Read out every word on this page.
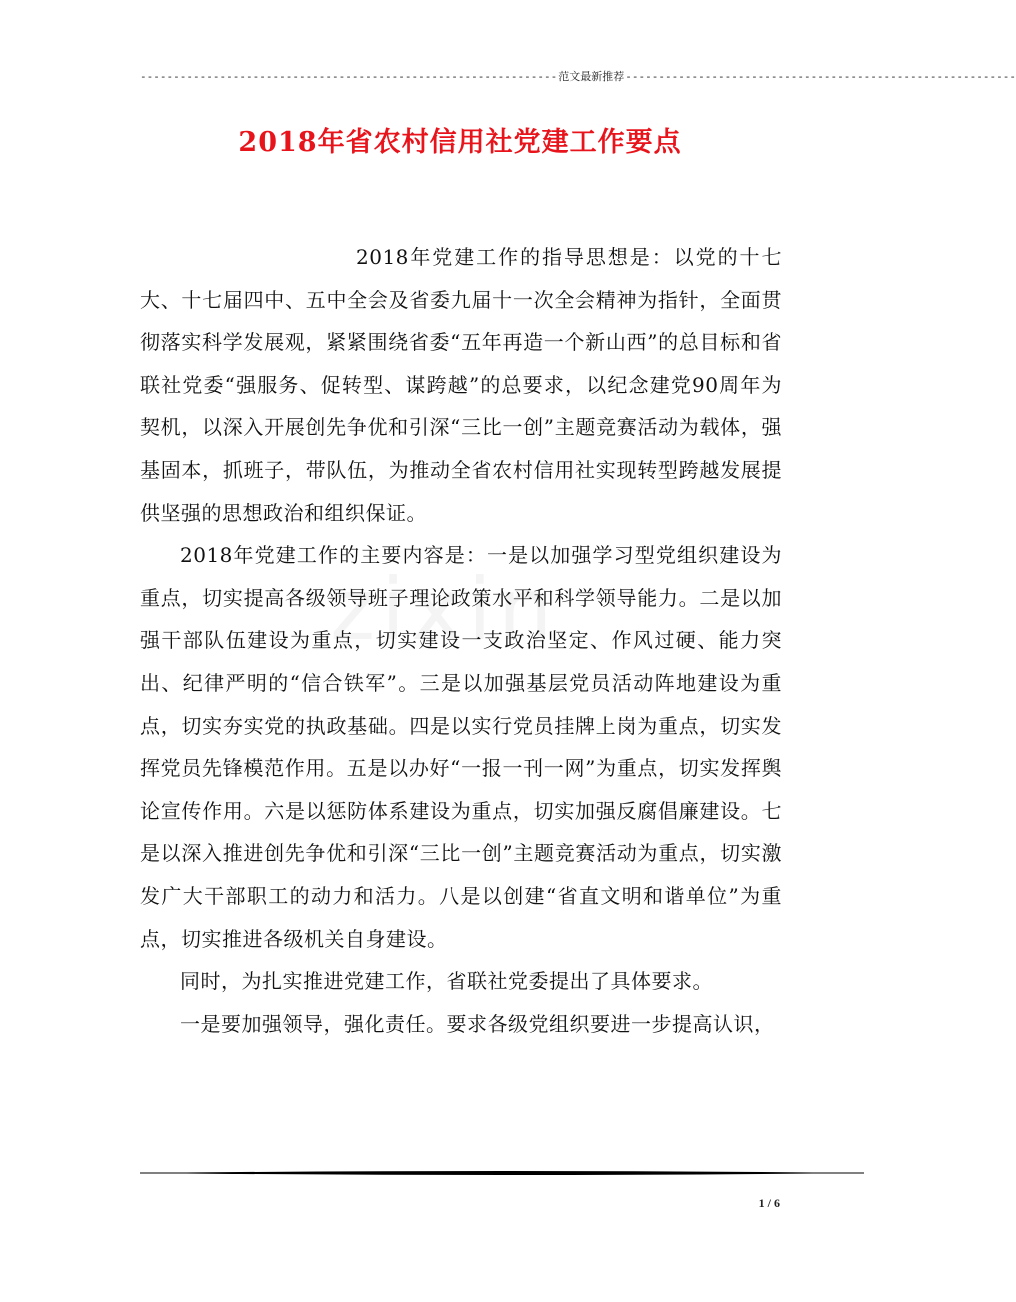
--------------------------------------------------------------- 范文最新推荐 -----------------------------------------------------------
2018年省农村信用社党建工作要点

2018年党建工作的指导思想是：以党的十七大、十七届四中、五中全会及省委九届十一次全会精神为指针，全面贯彻落实科学发展观，紧紧围绕省委“五年再造一个新山西”的总目标和省联社党委“强服务、促转型、谋跨越”的总要求，以纪念建党90周年为契机，以深入开展创先争优和引深“三比一创”主题竞赛活动为载体，强基固本，抓班子，带队伍，为推动全省农村信用社实现转型跨越发展提供坚强的思想政治和组织保证。

2018年党建工作的主要内容是：一是以加强学习型党组织建设为重点，切实提高各级领导班子理论政策水平和科学领导能力。二是以加强干部队伍建设为重点，切实建设一支政治坚定、作风过硬、能力突出、纪律严明的“信合铁军”。三是以加强基层党员活动阵地建设为重点，切实夯实党的执政基础。四是以实行党员挂牌上岗为重点，切实发挥党员先锋模范作用。五是以办好“一报一刊一网”为重点，切实发挥舆论宣传作用。六是以惩防体系建设为重点，切实加强反腐倡廉建设。七是以深入推进创先争优和引深“三比一创”主题竞赛活动为重点，切实激发广大干部职工的动力和活力。八是以创建“省直文明和谐单位”为重点，切实推进各级机关自身建设。

同时，为扎实推进党建工作，省联社党委提出了具体要求。

一是要加强领导，强化责任。要求各级党组织要进一步提高认识，

1 / 6
